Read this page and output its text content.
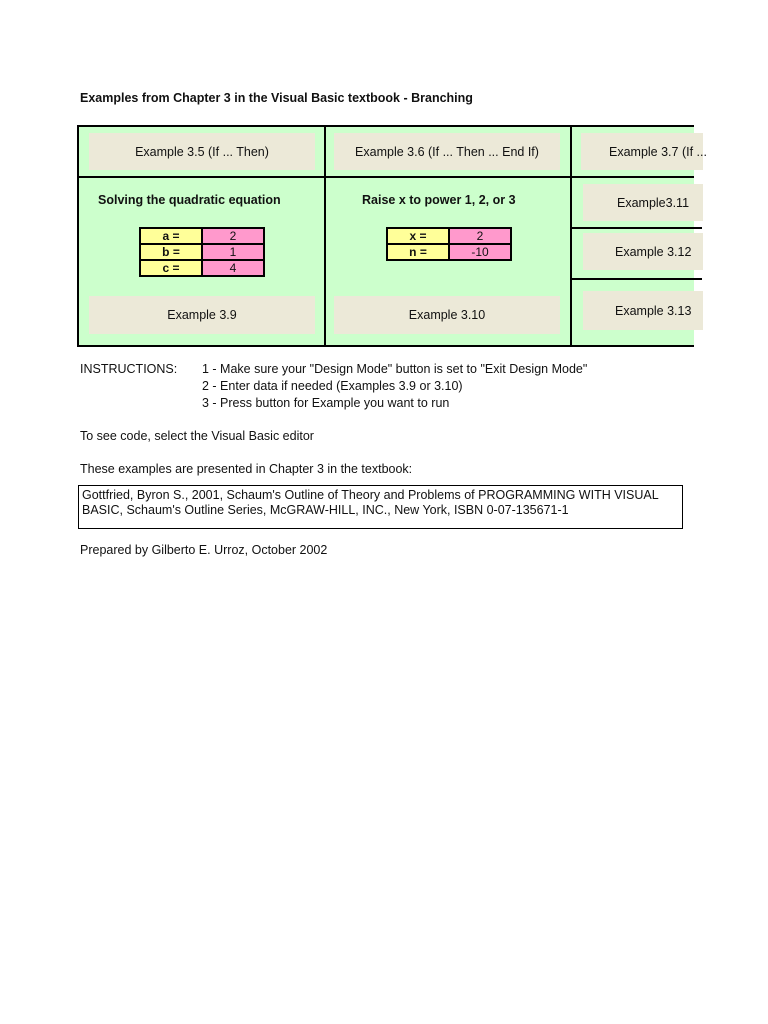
Examples from Chapter 3 in the Visual Basic textbook - Branching
Example 3.5 (If ... Then)	Example 3.6 (If ... Then ... End If)	Example 3.7 (If ...
Solving the quadratic equation
a =	2
b =	1
c =	4
Example 3.9
Raise x to power 1, 2, or 3
x =	2
n =	-10
Example 3.10
Example3.11
Example 3.12
Example 3.13
INSTRUCTIONS: 1 - Make sure your "Design Mode" button is set to "Exit Design Mode"
2 - Enter data if needed (Examples 3.9 or 3.10)
3 - Press button for Example you want to run
To see code, select the Visual Basic editor
These examples are presented in Chapter 3 in the textbook:
Gottfried, Byron S., 2001, Schaum's Outline of Theory and Problems of PROGRAMMING WITH VISUAL
BASIC, Schaum's Outline Series, McGRAW-HILL, INC., New York, ISBN 0-07-135671-1
Prepared by Gilberto E. Urroz, October 2002
